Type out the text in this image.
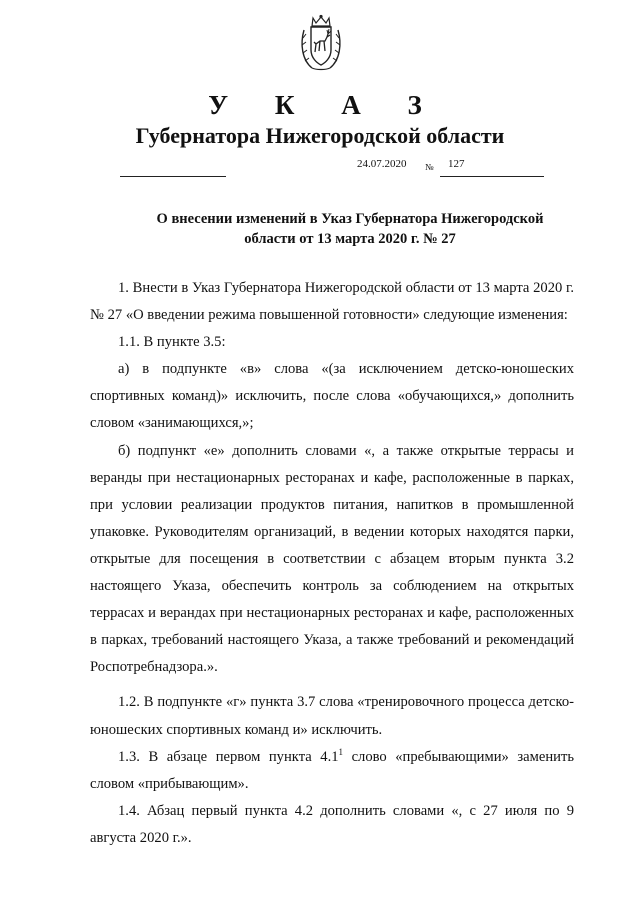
У К А З
Губернатора Нижегородской области
24.07.2020 № 127
О внесении изменений в Указ Губернатора Нижегородской
области от 13 марта 2020 г. № 27

1. Внести в Указ Губернатора Нижегородской области от 13 марта 2020 г. № 27 «О введении режима повышенной готовности» следующие изменения:

1.1. В пункте 3.5:

а) в подпункте «в» слова «(за исключением детско-юношеских спортивных команд)» исключить, после слова «обучающихся,» дополнить словом «занимающихся,»;

б) подпункт «е» дополнить словами «, а также открытые террасы и веранды при нестационарных ресторанах и кафе, расположенные в парках, при условии реализации продуктов питания, напитков в промышленной упаковке. Руководителям организаций, в ведении которых находятся парки, открытые для посещения в соответствии с абзацем вторым пункта 3.2 настоящего Указа, обеспечить контроль за соблюдением на открытых террасах и верандах при нестационарных ресторанах и кафе, расположенных в парках, требований настоящего Указа, а также требований и рекомендаций Роспотребнадзора.».

1.2. В подпункте «г» пункта 3.7 слова «тренировочного процесса детско-юношеских спортивных команд и» исключить.

1.3. В абзаце первом пункта $4.1^1$ слово «пребывающими» заменить словом «прибывающим».

1.4. Абзац первый пункта 4.2 дополнить словами «, с 27 июля по 9 августа 2020 г.».
